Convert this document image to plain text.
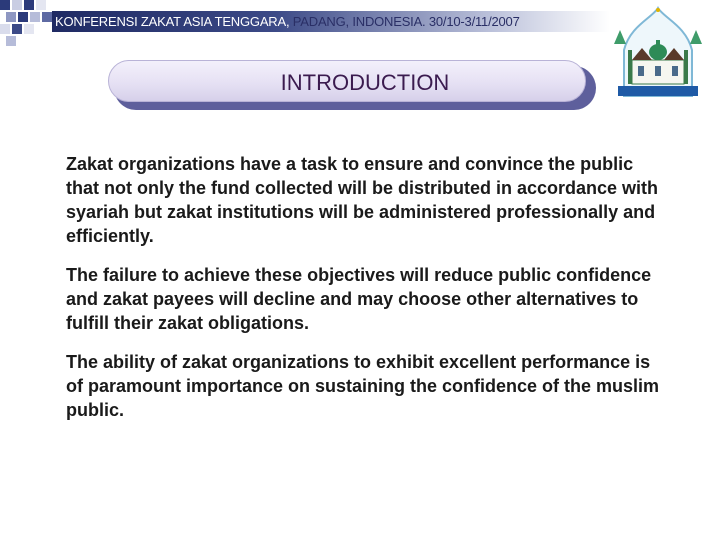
KONFERENSI ZAKAT ASIA TENGGARA, PADANG, INDONESIA. 30/10-3/11/2007
INTRODUCTION
Zakat organizations have a task to ensure and convince the public that not only the fund collected will be distributed in accordance with syariah but zakat institutions will be administered professionally and efficiently.
The failure to achieve these objectives will reduce public confidence and zakat payees will decline and may choose other alternatives to fulfill their zakat obligations.
The ability of zakat organizations to exhibit excellent performance is of paramount importance on sustaining the confidence of the muslim public.
